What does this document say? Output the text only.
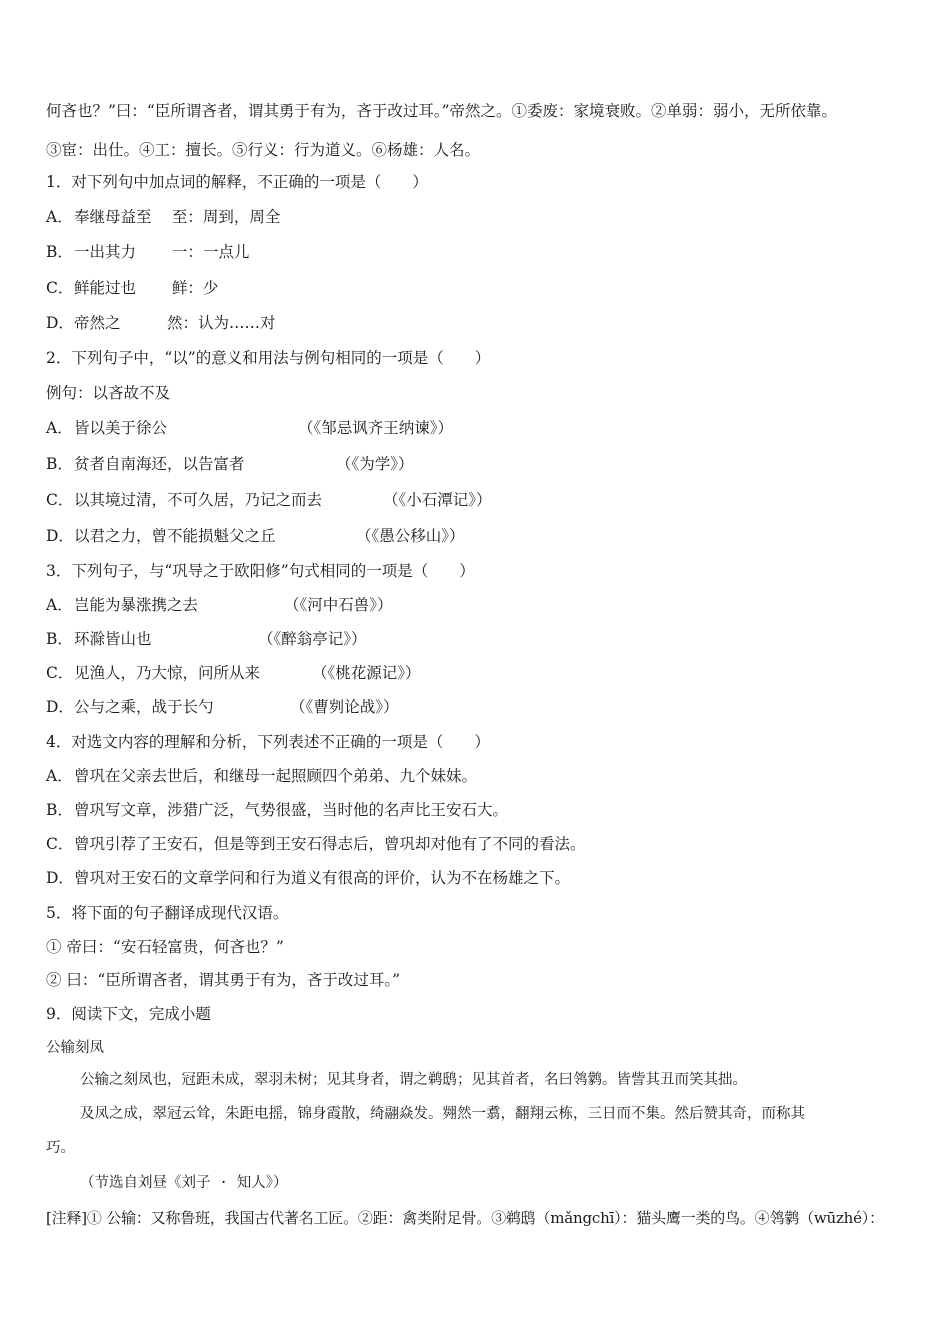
何吝也？”曰：“臣所谓吝者，谓其勇于有为，吝于改过耳。”帝然之。①委废：家境衰败。②单弱：弱小，无所依靠。
③宦：出仕。④工：擅长。⑤行义：行为道义。⑥杨雄：人名。
1．对下列句中加点词的解释，不正确的一项是（　　）
A．奉继母益至　 至：周到，周全
B．一出其力　　 一：一点儿
C．鲜能过也　　 鲜：少
D．帝然之　　　然：认为……对
2．下列句子中，“以”的意义和用法与例句相同的一项是（　　）
例句：以吝故不及
A．皆以美于徐公	（《邹忌讽齐王纳谏》）
B．贫者自南海还，以告富者	（《为学》）
C．以其境过清，不可久居，乃记之而去	（《小石潭记》）
D．以君之力，曾不能损魁父之丘	（《愚公移山》）
3．下列句子，与“巩导之于欧阳修”句式相同的一项是（　　）
A．岂能为暴涨携之去	（《河中石兽》）
B．环滁皆山也	（《醉翁亭记》）
C．见渔人，乃大惊，问所从来	（《桃花源记》）
D．公与之乘，战于长勺	（《曹刿论战》）
4．对选文内容的理解和分析，下列表述不正确的一项是（　　）
A．曾巩在父亲去世后，和继母一起照顾四个弟弟、九个妹妹。
B．曾巩写文章，涉猎广泛，气势很盛，当时他的名声比王安石大。
C．曾巩引荐了王安石，但是等到王安石得志后，曾巩却对他有了不同的看法。
D．曾巩对王安石的文章学问和行为道义有很高的评价，认为不在杨雄之下。
5．将下面的句子翻译成现代汉语。
① 帝曰：“安石轻富贵，何吝也？”
② 曰：“臣所谓吝者，谓其勇于有为，吝于改过耳。”
9．阅读下文，完成小题
公输刻凤
公输之刻凤也，冠距未成，翠羽未树；见其身者，谓之鹈鸱；见其首者，名曰鸰鹲。皆訾其丑而笑其拙。
及凤之成，翠冠云耸，朱距电摇，锦身霞散，绮翮焱发。翙然一翥，翻翔云栋，三日而不集。然后赞其奇，而称其
巧。
（节选自刘昼《刘子 · 知人》）
[注释]① 公输：又称鲁班，我国古代著名工匠。②距：禽类附足骨。③鹈鸱（mǎngchī）：猫头鹰一类的鸟。④鸰鹲（wūzhé）：
